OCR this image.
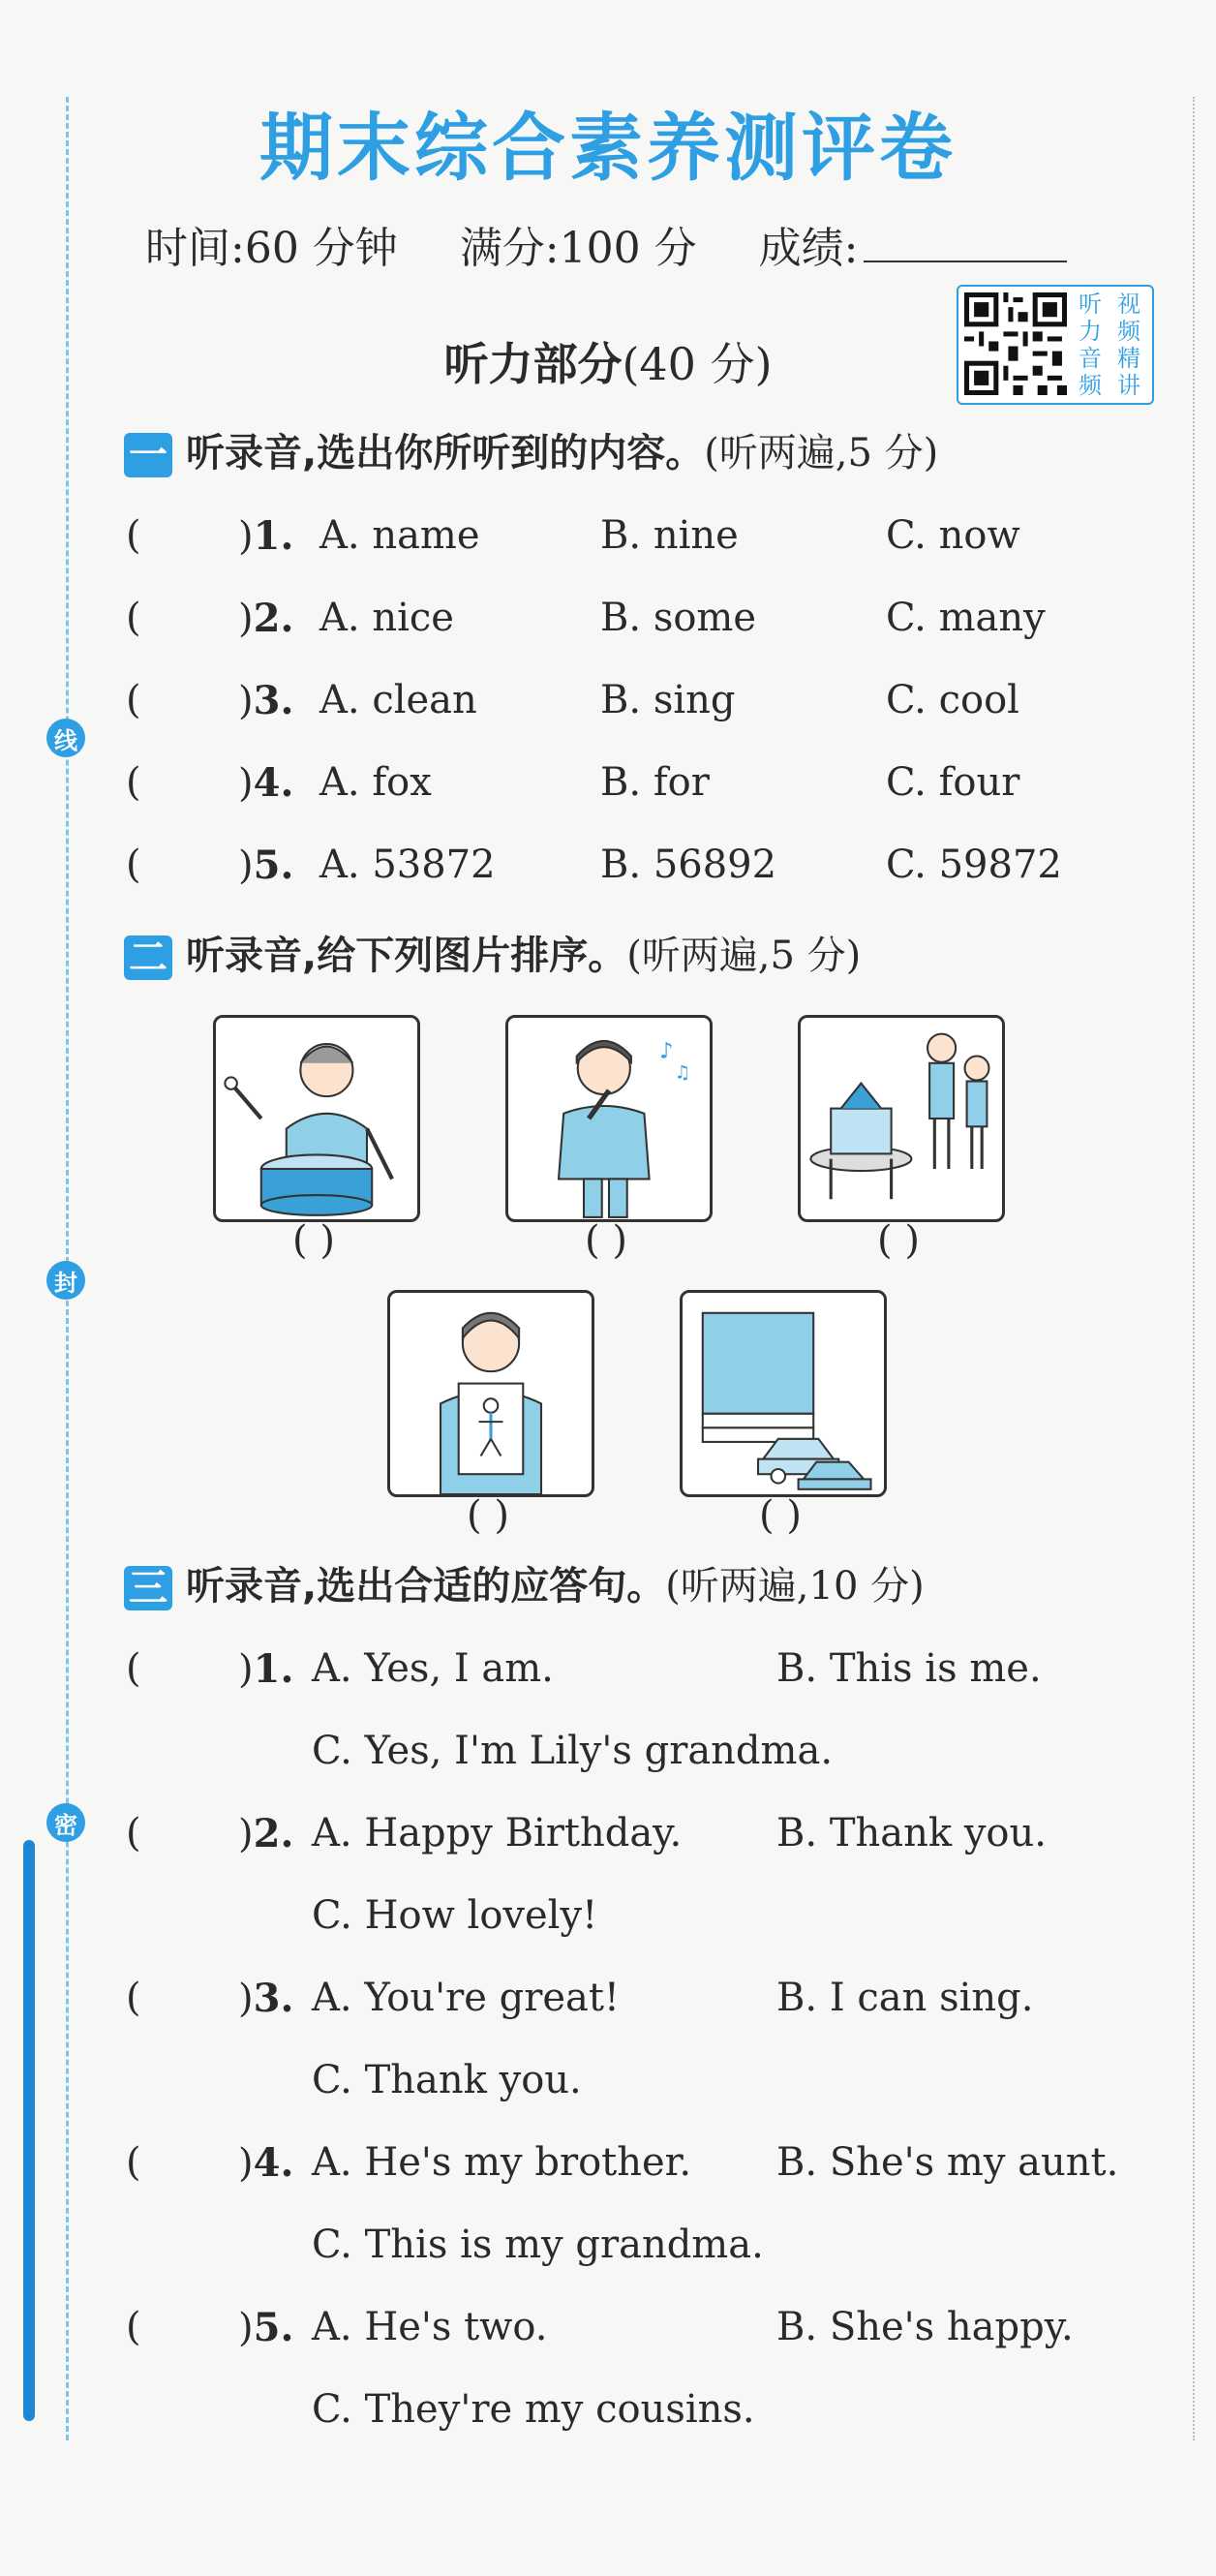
线
封
密
期末综合素养测评卷
时间:60 分钟 满分:100 分 成绩:
听 视
力 频
音 精
频 讲
听力部分(40 分)
一 听录音,选出你所听到的内容。(听两遍,5 分)
(	)1. A. name	B. nine	C. now
(	)2. A. nice	B. some	C. many
(	)3. A. clean	B. sing	C. cool
(	)4. A. fox	B. for	C. four
(	)5. A. 53872	B. 56892	C. 59872
二 听录音,给下列图片排序。(听两遍,5 分)
( )
♪
♫
( )	( )
( )	( )
三 听录音,选出合适的应答句。(听两遍,10 分)
(	)1. A. Yes, I am.	B. This is me.
C. Yes, I'm Lily's grandma.
(	)2. A. Happy Birthday. B. Thank you.
C. How lovely!
(	)3. A. You're great!	B. I can sing.
C. Thank you.
(	)4. A. He's my brother. B. She's my aunt.
C. This is my grandma.
(	)5. A. He's two.	B. She's happy.
C. They're my cousins.
